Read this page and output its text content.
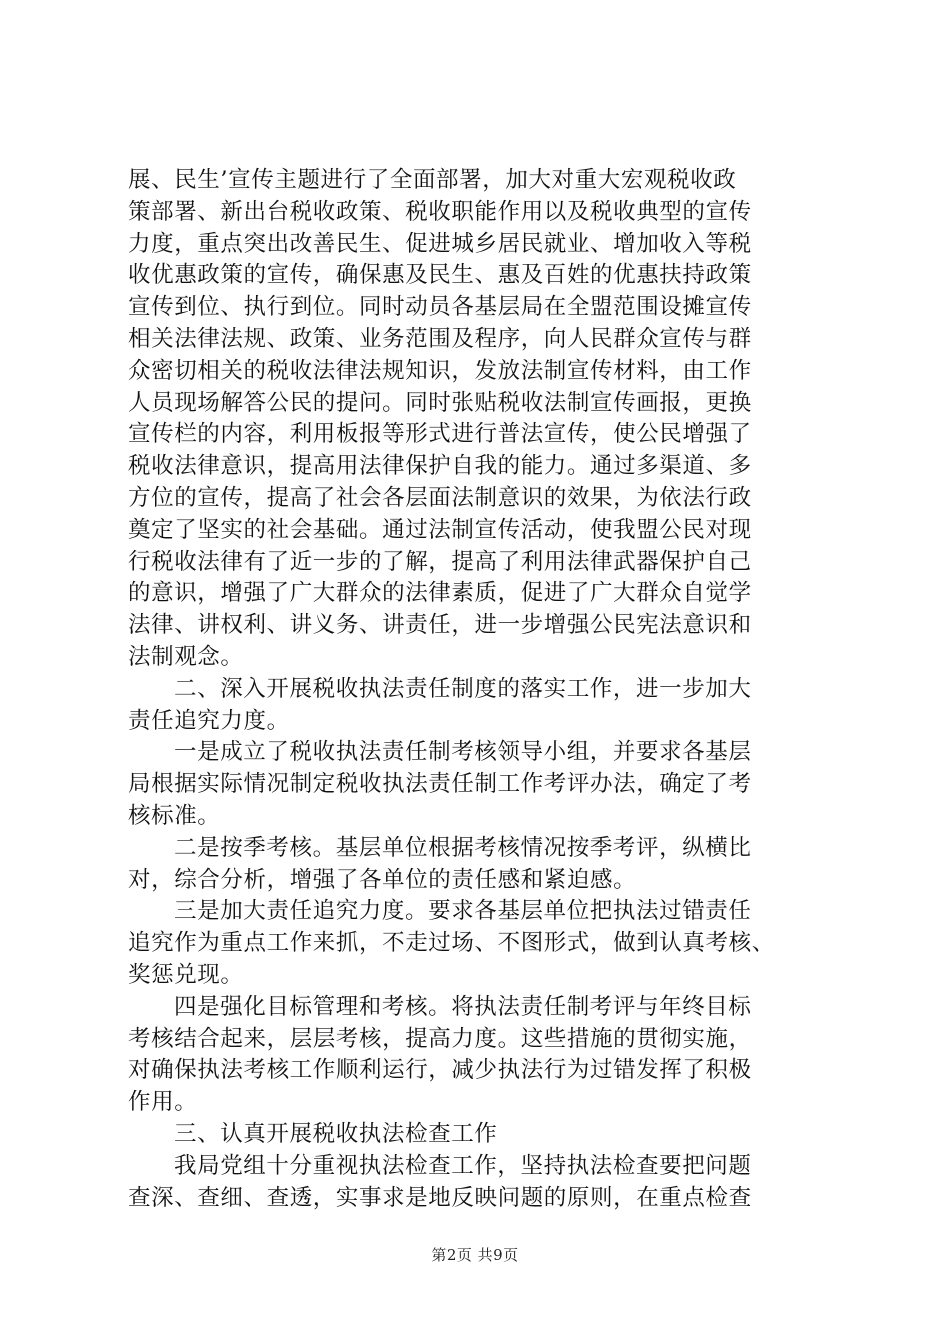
展、民生’宣传主题进行了全面部署，加大对重大宏观税收政
策部署、新出台税收政策、税收职能作用以及税收典型的宣传
力度，重点突出改善民生、促进城乡居民就业、增加收入等税
收优惠政策的宣传，确保惠及民生、惠及百姓的优惠扶持政策
宣传到位、执行到位。同时动员各基层局在全盟范围设摊宣传
相关法律法规、政策、业务范围及程序，向人民群众宣传与群
众密切相关的税收法律法规知识，发放法制宣传材料，由工作
人员现场解答公民的提问。同时张贴税收法制宣传画报，更换
宣传栏的内容，利用板报等形式进行普法宣传，使公民增强了
税收法律意识，提高用法律保护自我的能力。通过多渠道、多
方位的宣传，提高了社会各层面法制意识的效果，为依法行政
奠定了坚实的社会基础。通过法制宣传活动，使我盟公民对现
行税收法律有了近一步的了解，提高了利用法律武器保护自己
的意识，增强了广大群众的法律素质，促进了广大群众自觉学
法律、讲权利、讲义务、讲责任，进一步增强公民宪法意识和
法制观念。
二、深入开展税收执法责任制度的落实工作，进一步加大
责任追究力度。
一是成立了税收执法责任制考核领导小组，并要求各基层
局根据实际情况制定税收执法责任制工作考评办法，确定了考
核标准。
二是按季考核。基层单位根据考核情况按季考评，纵横比
对，综合分析，增强了各单位的责任感和紧迫感。
三是加大责任追究力度。要求各基层单位把执法过错责任
追究作为重点工作来抓，不走过场、不图形式，做到认真考核、
奖惩兑现。
四是强化目标管理和考核。将执法责任制考评与年终目标
考核结合起来，层层考核，提高力度。这些措施的贯彻实施，
对确保执法考核工作顺利运行，减少执法行为过错发挥了积极
作用。
三、认真开展税收执法检查工作
我局党组十分重视执法检查工作，坚持执法检查要把问题
查深、查细、查透，实事求是地反映问题的原则，在重点检查
第2页 共9页
